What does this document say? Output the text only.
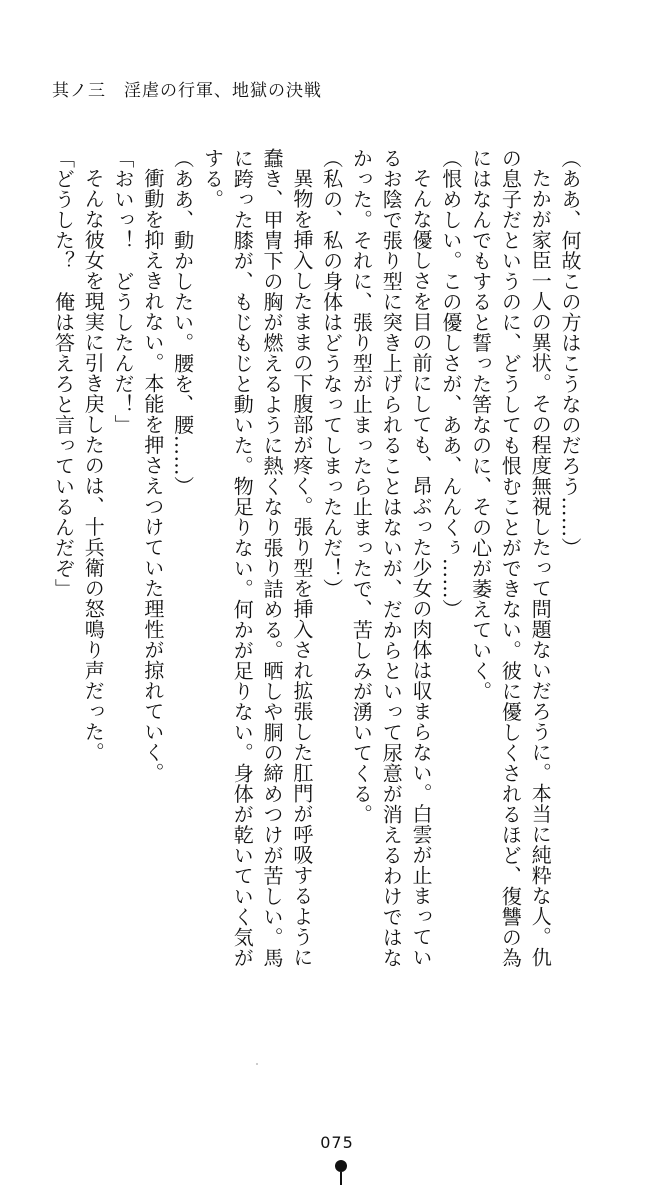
其ノ三　淫虐の行軍、地獄の決戦

（ああ、何故この方はこうなのだろう……）

たかが家臣一人の異状。その程度無視したって問題ないだろうに。本当に純粋な人。仇

の息子だというのに、どうしても恨むことができない。彼に優しくされるほど、復讐の為

にはなんでもすると誓った筈なのに、その心が萎えていく。

（恨めしい。この優しさが、ああ、んんくぅ……）

そんな優しさを目の前にしても、昂ぶった少女の肉体は収まらない。白雲が止まってい

るお陰で張り型に突き上げられることはないが、だからといって尿意が消えるわけではな

かった。それに、張り型が止まったら止まったで、苦しみが湧いてくる。

（私の、私の身体はどうなってしまったんだ！）

異物を挿入したままの下腹部が疼く。張り型を挿入され拡張した肛門が呼吸するように

蠢き、甲冑下の胸が燃えるように熱くなり張り詰める。晒しや胴の締めつけが苦しい。馬

に跨った膝が、もじもじと動いた。物足りない。何かが足りない。身体が乾いていく気が

する。

（ああ、動かしたい。腰を、腰……）

衝動を抑えきれない。本能を押さえつけていた理性が掠れていく。

「おいっ！　どうしたんだ！」

そんな彼女を現実に引き戻したのは、十兵衛の怒鳴り声だった。

「どうした？　俺は答えろと言っているんだぞ」

075
